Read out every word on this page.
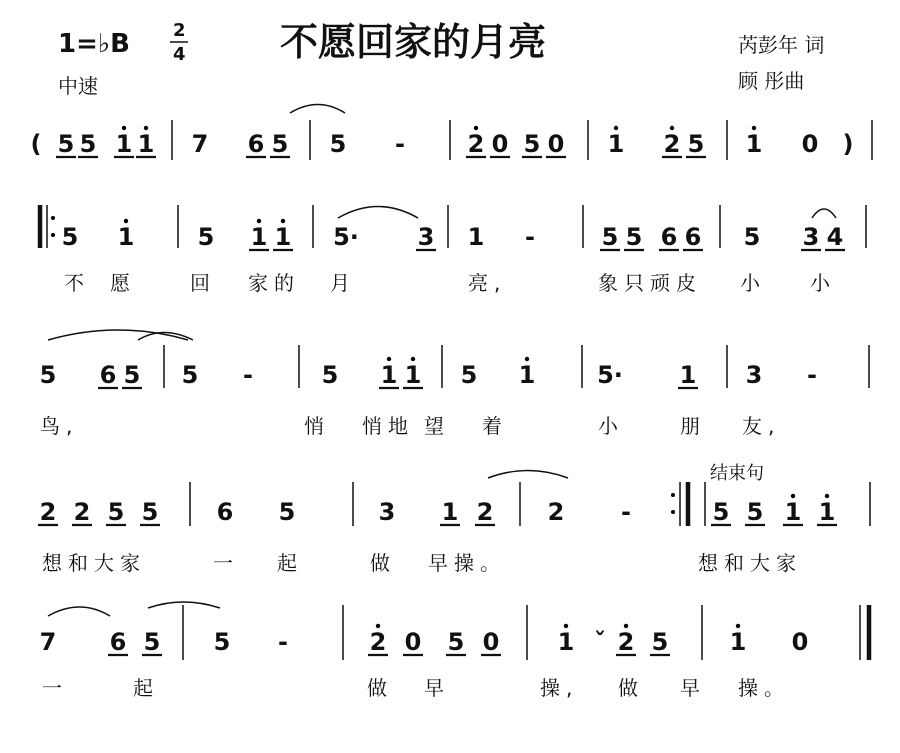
1=♭B 2
4 不愿回家的月亮
中速
芮彭年 词
顾 彤曲
结束句
( 5 5 1 1 7 6 5 5 -	2 0 5 0 1 2 5 1 0 )
5 1	5 1 1 5· 3 1 -	5 5 6 6 5 3 4
不 愿	回 家的 月	亮,	象只顽皮 小 小
5 6 5 5 -	5 1 1 5 1	5· 1 3 -
鸟,	悄 悄地 望 着	小	朋 友,
2 2 5 5 6 5	3 1 2 2 -	5 5 1 1
想和大家	一 起	做 早操。	想和大家
7 6 5 5 -	2 0 5 0 1 ˇ 2 5	1 0
一	起	做 早	操, 做 早 操。
